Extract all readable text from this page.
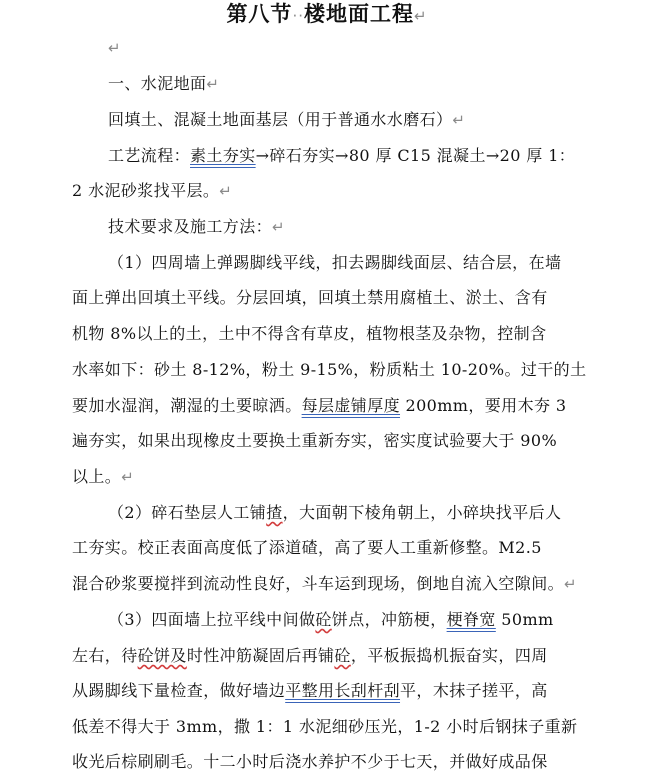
第八节··楼地面工程↵
↵
一、水泥地面↵
回填土、混凝土地面基层（用于普通水水磨石）↵
工艺流程：素土夯实→碎石夯实→80 厚 C15 混凝土→20 厚 1：
2 水泥砂浆找平层。↵
技术要求及施工方法：↵
（1）四周墙上弹踢脚线平线，扣去踢脚线面层、结合层，在墙
面上弹出回填土平线。分层回填，回填土禁用腐植土、淤土、含有
机物 8%以上的土，土中不得含有草皮，植物根茎及杂物，控制含
水率如下：砂土 8-12%，粉土 9-15%，粉质粘土 10-20%。过干的土
要加水湿润，潮湿的土要晾洒。每层虚铺厚度 200mm，要用木夯 3
遍夯实，如果出现橡皮土要换土重新夯实，密实度试验要大于 90%
以上。↵
（2）碎石垫层人工铺揸，大面朝下棱角朝上，小碎块找平后人
工夯实。校正表面高度低了添道碴，高了要人工重新修整。M2.5
混合砂浆要搅拌到流动性良好，斗车运到现场，倒地自流入空隙间。↵
（3）四面墙上拉平线中间做砼饼点，冲筋梗，梗脊宽 50mm
左右，待砼饼及时性冲筋凝固后再铺砼，平板振捣机振奋实，四周
从踢脚线下量检查，做好墙边平整用长刮杆刮平，木抹子搓平，高
低差不得大于 3mm，撒 1：1 水泥细砂压光，1-2 小时后钢抹子重新
收光后棕刷刷毛。十二小时后浇水养护不少于七天，并做好成品保
